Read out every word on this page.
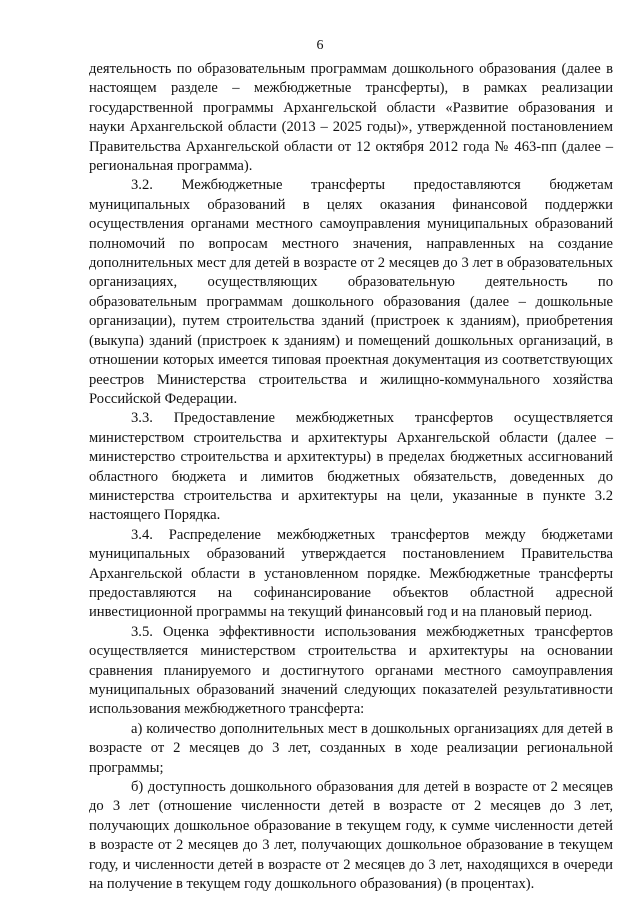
6

деятельность по образовательным программам дошкольного образования (далее в настоящем разделе – межбюджетные трансферты), в рамках реализации государственной программы Архангельской области «Развитие образования и науки Архангельской области (2013 – 2025 годы)», утвержденной постановлением Правительства Архангельской области от 12 октября 2012 года № 463-пп (далее – региональная программа).

3.2. Межбюджетные трансферты предоставляются бюджетам муниципальных образований в целях оказания финансовой поддержки осуществления органами местного самоуправления муниципальных образований полномочий по вопросам местного значения, направленных на создание дополнительных мест для детей в возрасте от 2 месяцев до 3 лет в образовательных организациях, осуществляющих образовательную деятельность по образовательным программам дошкольного образования (далее – дошкольные организации), путем строительства зданий (пристроек к зданиям), приобретения (выкупа) зданий (пристроек к зданиям) и помещений дошкольных организаций, в отношении которых имеется типовая проектная документация из соответствующих реестров Министерства строительства и жилищно-коммунального хозяйства Российской Федерации.

3.3. Предоставление межбюджетных трансфертов осуществляется министерством строительства и архитектуры Архангельской области (далее – министерство строительства и архитектуры) в пределах бюджетных ассигнований областного бюджета и лимитов бюджетных обязательств, доведенных до министерства строительства и архитектуры на цели, указанные в пункте 3.2 настоящего Порядка.

3.4. Распределение межбюджетных трансфертов между бюджетами муниципальных образований утверждается постановлением Правительства Архангельской области в установленном порядке. Межбюджетные трансферты предоставляются на софинансирование объектов областной адресной инвестиционной программы на текущий финансовый год и на плановый период.

3.5. Оценка эффективности использования межбюджетных трансфертов осуществляется министерством строительства и архитектуры на основании сравнения планируемого и достигнутого органами местного самоуправления муниципальных образований значений следующих показателей результативности использования межбюджетного трансферта:

а) количество дополнительных мест в дошкольных организациях для детей в возрасте от 2 месяцев до 3 лет, созданных в ходе реализации региональной программы;

б) доступность дошкольного образования для детей в возрасте от 2 месяцев до 3 лет (отношение численности детей в возрасте от 2 месяцев до 3 лет, получающих дошкольное образование в текущем году, к сумме численности детей в возрасте от 2 месяцев до 3 лет, получающих дошкольное образование в текущем году, и численности детей в возрасте от 2 месяцев до 3 лет, находящихся в очереди на получение в текущем году дошкольного образования) (в процентах).
